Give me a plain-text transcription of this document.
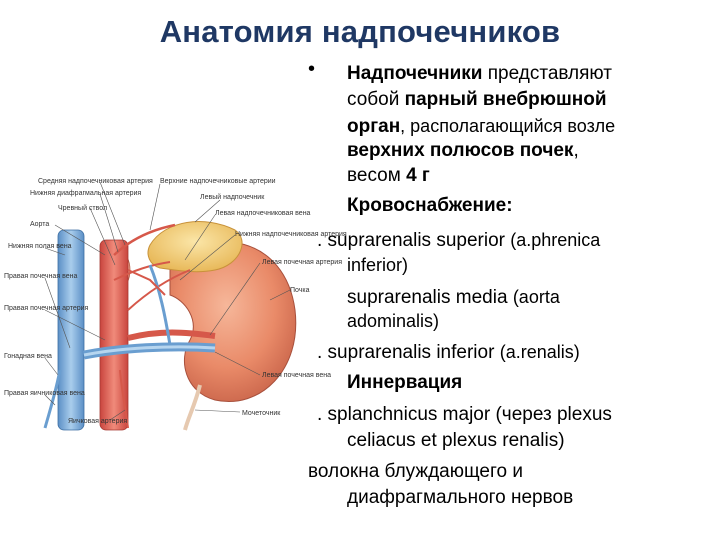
Анатомия надпочечников
• Надпочечники представляют
собой парный внебрюшной
орган, располагающийся возле
верхних полюсов почек,
весом 4 г
Кровоснабжение:
. suprarenalis superior (a.phrenica
inferior)
suprarenalis media (aorta
adominalis)
. suprarenalis inferior (a.renalis)
Иннервация
. splanchnicus major (через plexus
celiacus et plexus renalis)
волокна блуждающего и
диафрагмального нервов
Средняя надпочечниковая артерия
Нижняя диафрагмальная артерия
Чревный ствол
Аорта
Нижняя полая вена
Правая почечная вена
Правая почечная артерия
Гонадная вена
Правая яичниковая вена
Яичковая артерия
Верхние надпочечниковые артерии
Левый надпочечник
Левая надпочечниковая вена
Нижняя надпочечниковая артерия
Левая почечная артерия
Почка
Левая почечная вена
Мочеточник
